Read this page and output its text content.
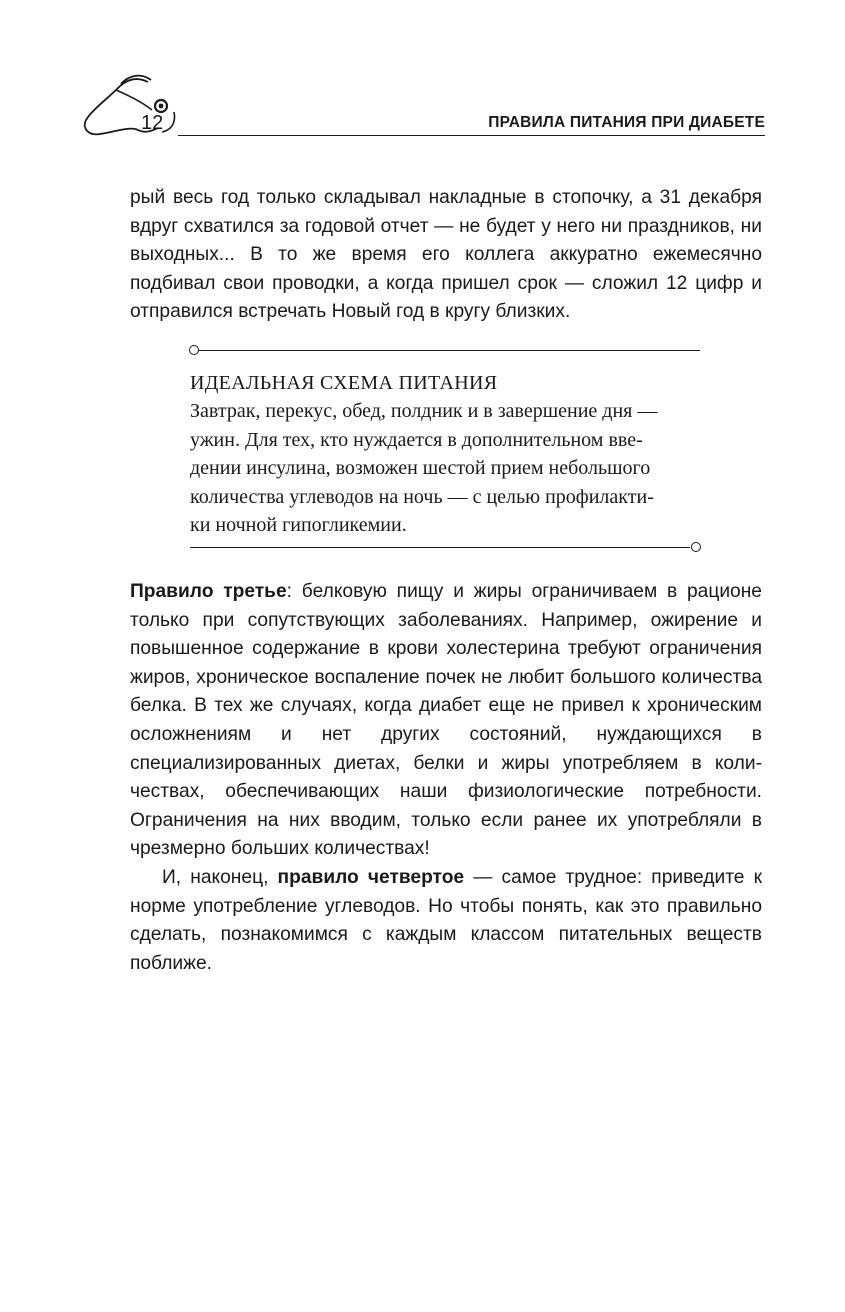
12	ПРАВИЛА ПИТАНИЯ ПРИ ДИАБЕТЕ

рый весь год только складывал накладные в стопочку, а 31 декабря вдруг схватился за годовой отчет — не будет у него ни праздников, ни выходных... В то же время его коллега аккуратно ежемесячно подбивал свои проводки, а когда пришел срок — сложил 12 цифр и отправился встречать Новый год в кругу близких.

ИДЕАЛЬНАЯ СХЕМА ПИТАНИЯ

Завтрак, перекус, обед, полдник и в завершение дня —
ужин. Для тех, кто нуждается в дополнительном вве-
дении инсулина, возможен шестой прием небольшого
количества углеводов на ночь — с целью профилакти-
ки ночной гипогликемии.

Правило третье: белковую пищу и жиры ограничиваем в рационе только при сопутствующих заболеваниях. Например, ожирение и повышенное содержание в крови холестерина требуют ограничения жиров, хроническое воспаление почек не любит большого количества белка. В тех же случаях, когда диабет еще не привел к хроническим осложнениям и нет других состояний, нуждающихся в специализированных диетах, белки и жиры употребляем в количествах, обеспечивающих наши физиологические потребности. Ограничения на них вводим, только если ранее их употребляли в чрезмерно больших количествах!

И, наконец, правило четвертое — самое трудное: приведите к норме употребление углеводов. Но чтобы понять, как это правильно сделать, познакомимся с каждым классом питательных веществ поближе.
